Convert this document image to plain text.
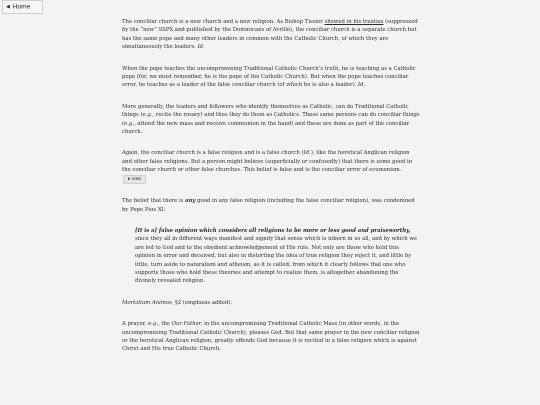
◀ Home

The conciliar church is a new church and a new religion. As Bishop Tissier showed in his treatise (suppressed by the “new” SSPX and published by the Dominicans of Avrillé), the conciliar church is a separate church but has the same pope and many other leaders in common with the Catholic Church, of which they are simultaneously the leaders. Id.

When the pope teaches the uncompromising Traditional Catholic Church’s truth, he is teaching as a Catholic pope (for, we must remember, he is the pope of the Catholic Church). But when the pope teaches conciliar error, he teaches as a leader of the false conciliar church (of which he is also a leader). Id.

More generally, the leaders and followers who identify themselves as Catholic, can do Traditional Catholic things (e.g., recite the rosary) and thus they do them as Catholics. Those same persons can do conciliar things (e.g., attend the new mass and receive communion in the hand) and these are done as part of the conciliar church.

Again, the conciliar church is a false religion and is a false church (Id.), like the heretical Anglican religion and other false religions. But a person might believe (superficially or confusedly) that there is some good in the conciliar church or other false churches. This belief is false and is the conciliar error of ecumenism.▸ note

The belief that there is any good in any false religion (including the false conciliar religion), was condemned by Pope Pius XI:

[It is a] false opinion which considers all religions to be more or less good and praiseworthy, since they all in different ways manifest and signify that sense which is inborn in us all, and by which we are led to God and to the obedient acknowledgement of His rule. Not only are those who hold this opinion in error and deceived, but also in distorting the idea of true religion they reject it, and little by little, turn aside to naturalism and atheism, as it is called; from which it clearly follows that one who supports those who hold these theories and attempt to realize them, is altogether abandoning the divinely revealed religion.

Mortalium Animos, §2 (emphasis added).

A prayer, e.g., the Our Father, in the uncompromising Traditional Catholic Mass (in other words, in the uncompromising Traditional Catholic Church), pleases God. But that same prayer in the new conciliar religion or the heretical Anglican religion, greatly offends God because it is recited in a false religion which is against Christ and His true Catholic Church.
